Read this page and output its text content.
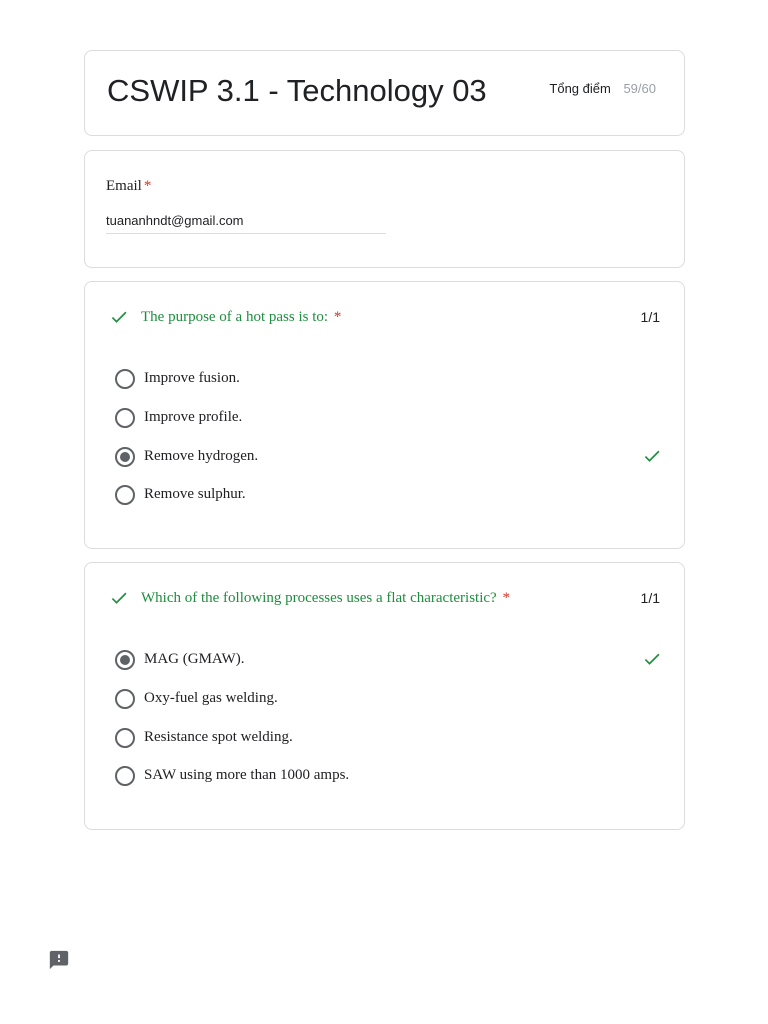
CSWIP 3.1 - Technology 03	Tổng điểm 59/60
Email *
tuananhndt@gmail.com
The purpose of a hot pass is to: *	1/1
Improve fusion.
Improve profile.
Remove hydrogen.
Remove sulphur.
Which of the following processes uses a flat characteristic? *	1/1
MAG (GMAW).
Oxy-fuel gas welding.
Resistance spot welding.
SAW using more than 1000 amps.
